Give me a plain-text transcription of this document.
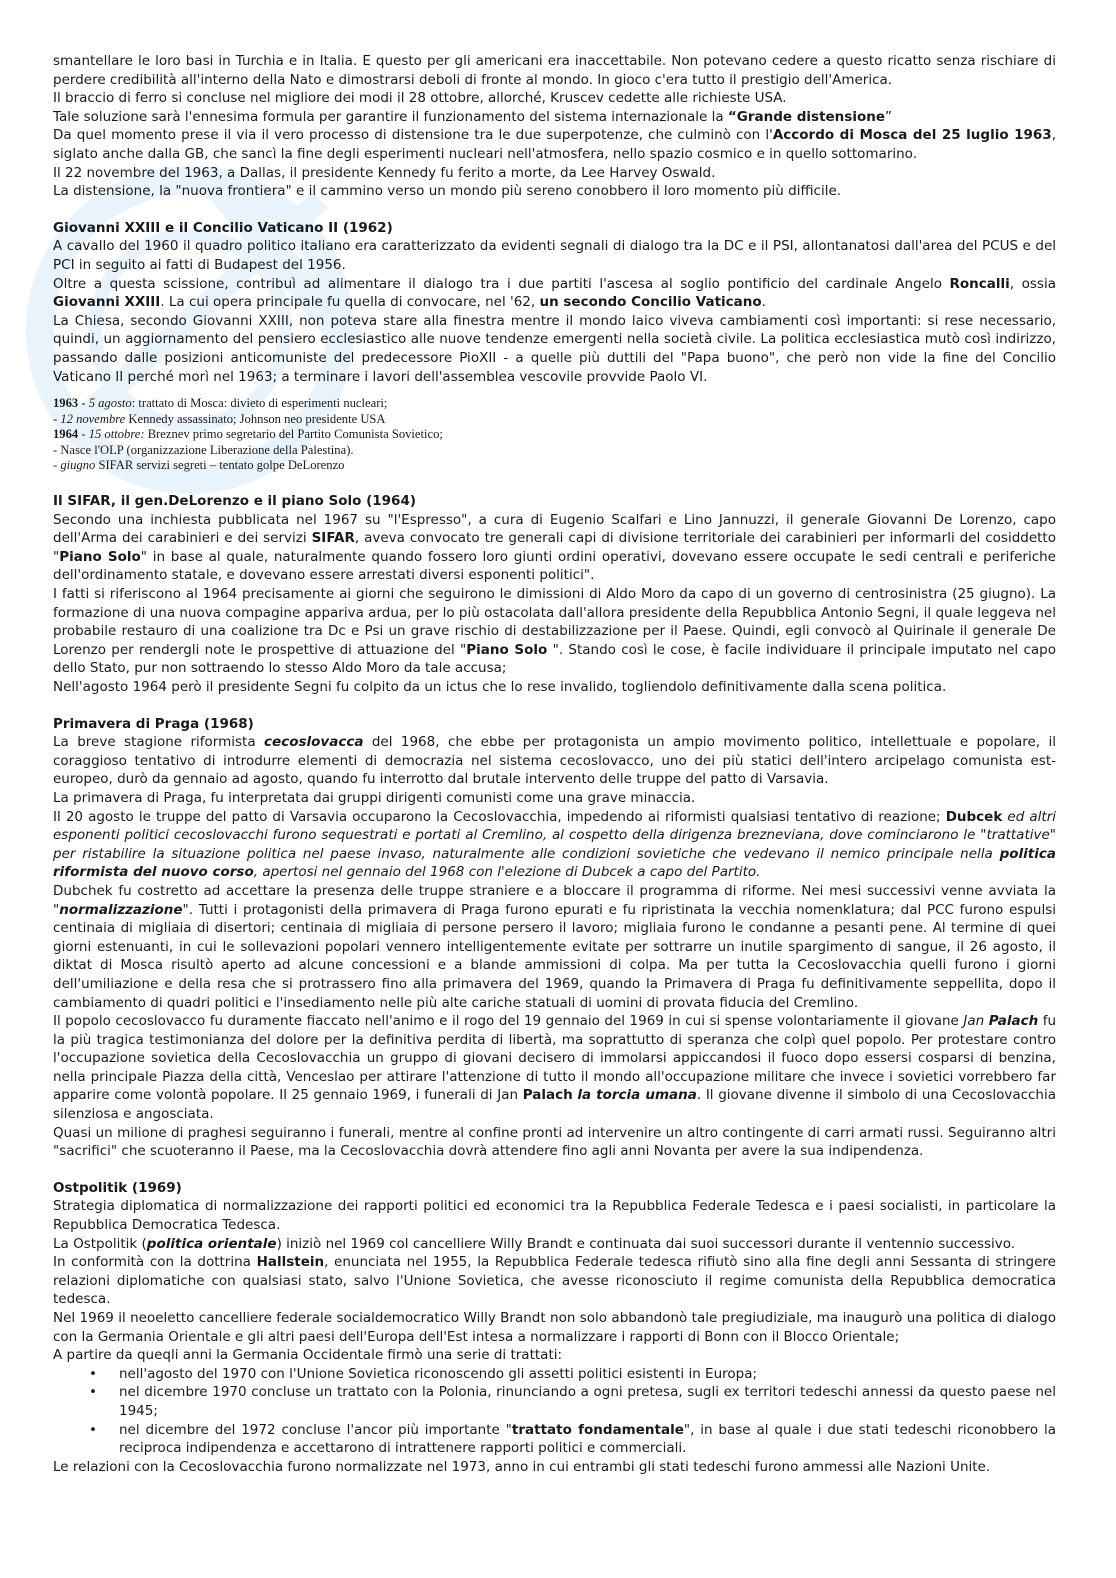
smantellare le loro basi in Turchia e in Italia. E questo per gli americani era inaccettabile. Non potevano cedere a questo ricatto senza rischiare di perdere credibilità all'interno della Nato e dimostrarsi deboli di fronte al mondo. In gioco c'era tutto il prestigio dell'America.

Il braccio di ferro si concluse nel migliore dei modi il 28 ottobre, allorché, Kruscev cedette alle richieste USA.

Tale soluzione sarà l'ennesima formula per garantire il funzionamento del sistema internazionale la “Grande distensione”

Da quel momento prese il via il vero processo di distensione tra le due superpotenze, che culminò con l'Accordo di Mosca del 25 luglio 1963, siglato anche dalla GB, che sancì la fine degli esperimenti nucleari nell'atmosfera, nello spazio cosmico e in quello sottomarino.

Il 22 novembre del 1963, a Dallas, il presidente Kennedy fu ferito a morte, da Lee Harvey Oswald.

La distensione, la "nuova frontiera" e il cammino verso un mondo più sereno conobbero il loro momento più difficile.

Giovanni XXIII e il Concilio Vaticano II (1962)

A cavallo del 1960 il quadro politico italiano era caratterizzato da evidenti segnali di dialogo tra la DC e il PSI, allontanatosi dall'area del PCUS e del PCI in seguito ai fatti di Budapest del 1956.

Oltre a questa scissione, contribuì ad alimentare il dialogo tra i due partiti l'ascesa al soglio pontificio del cardinale Angelo Roncalli, ossia Giovanni XXIII. La cui opera principale fu quella di convocare, nel '62, un secondo Concilio Vaticano.

La Chiesa, secondo Giovanni XXIII, non poteva stare alla finestra mentre il mondo laico viveva cambiamenti così importanti: si rese necessario, quindi, un aggiornamento del pensiero ecclesiastico alle nuove tendenze emergenti nella società civile. La politica ecclesiastica mutò così indirizzo, passando dalle posizioni anticomuniste del predecessore PioXII - a quelle più duttili del "Papa buono", che però non vide la fine del Concilio Vaticano II perché morì nel 1963; a terminare i lavori dell'assemblea vescovile provvide Paolo VI.

1963 - 5 agosto: trattato di Mosca: divieto di esperimenti nucleari;

- 12 novembre Kennedy assassinato; Johnson neo presidente USA

1964 - 15 ottobre: Breznev primo segretario del Partito Comunista Sovietico;

- Nasce l'OLP (organizzazione Liberazione della Palestina).

- giugno SIFAR servizi segreti – tentato golpe DeLorenzo

Il SIFAR, il gen.DeLorenzo e il piano Solo (1964)

Secondo una inchiesta pubblicata nel 1967 su "l'Espresso", a cura di Eugenio Scalfari e Lino Jannuzzi, il generale Giovanni De Lorenzo, capo dell'Arma dei carabinieri e dei servizi SIFAR, aveva convocato tre generali capi di divisione territoriale dei carabinieri per informarli del cosiddetto "Piano Solo" in base al quale, naturalmente quando fossero loro giunti ordini operativi, dovevano essere occupate le sedi centrali e periferiche dell'ordinamento statale, e dovevano essere arrestati diversi esponenti politici".

I fatti si riferiscono al 1964 precisamente ai giorni che seguirono le dimissioni di Aldo Moro da capo di un governo di centrosinistra (25 giugno). La formazione di una nuova compagine appariva ardua, per lo più ostacolata dall'allora presidente della Repubblica Antonio Segni, il quale leggeva nel probabile restauro di una coalizione tra Dc e Psi un grave rischio di destabilizzazione per il Paese. Quindi, egli convocò al Quirinale il generale De Lorenzo per rendergli note le prospettive di attuazione del "Piano Solo ". Stando così le cose, è facile individuare il principale imputato nel capo dello Stato, pur non sottraendo lo stesso Aldo Moro da tale accusa;

Nell'agosto 1964 però il presidente Segni fu colpito da un ictus che lo rese invalido, togliendolo definitivamente dalla scena politica.

Primavera di Praga (1968)

La breve stagione riformista cecoslovacca del 1968, che ebbe per protagonista un ampio movimento politico, intellettuale e popolare, il coraggioso tentativo di introdurre elementi di democrazia nel sistema cecoslovacco, uno dei più statici dell'intero arcipelago comunista est-europeo, durò da gennaio ad agosto, quando fu interrotto dal brutale intervento delle truppe del patto di Varsavia.

La primavera di Praga, fu interpretata dai gruppi dirigenti comunisti come una grave minaccia.

Il 20 agosto le truppe del patto di Varsavia occuparono la Cecoslovacchia, impedendo ai riformisti qualsiasi tentativo di reazione; Dubcek ed altri esponenti politici cecoslovacchi furono sequestrati e portati al Cremlino, al cospetto della dirigenza brezneviana, dove cominciarono le "trattative" per ristabilire la situazione politica nel paese invaso, naturalmente alle condizioni sovietiche che vedevano il nemico principale nella politica riformista del nuovo corso, apertosi nel gennaio del 1968 con l'elezione di Dubcek a capo del Partito.

Dubchek fu costretto ad accettare la presenza delle truppe straniere e a bloccare il programma di riforme. Nei mesi successivi venne avviata la "normalizzazione". Tutti i protagonisti della primavera di Praga furono epurati e fu ripristinata la vecchia nomenklatura; dal PCC furono espulsi centinaia di migliaia di disertori; centinaia di migliaia di persone persero il lavoro; migliaia furono le condanne a pesanti pene. Al termine di quei giorni estenuanti, in cui le sollevazioni popolari vennero intelligentemente evitate per sottrarre un inutile spargimento di sangue, il 26 agosto, il diktat di Mosca risultò aperto ad alcune concessioni e a blande ammissioni di colpa. Ma per tutta la Cecoslovacchia quelli furono i giorni dell'umiliazione e della resa che si protrassero fino alla primavera del 1969, quando la Primavera di Praga fu definitivamente seppellita, dopo il cambiamento di quadri politici e l'insediamento nelle più alte cariche statuali di uomini di provata fiducia del Cremlino.

Il popolo cecoslovacco fu duramente fiaccato nell'animo e il rogo del 19 gennaio del 1969 in cui si spense volontariamente il giovane Jan Palach fu la più tragica testimonianza del dolore per la definitiva perdita di libertà, ma soprattutto di speranza che colpì quel popolo. Per protestare contro l'occupazione sovietica della Cecoslovacchia un gruppo di giovani decisero di immolarsi appiccandosi il fuoco dopo essersi cosparsi di benzina, nella principale Piazza della città, Venceslao per attirare l'attenzione di tutto il mondo all'occupazione militare che invece i sovietici vorrebbero far apparire come volontà popolare. Il 25 gennaio 1969, i funerali di Jan Palach la torcia umana. Il giovane divenne il simbolo di una Cecoslovacchia silenziosa e angosciata.

Quasi un milione di praghesi seguiranno i funerali, mentre al confine pronti ad intervenire un altro contingente di carri armati russi. Seguiranno altri "sacrifici" che scuoteranno il Paese, ma la Cecoslovacchia dovrà attendere fino agli anni Novanta per avere la sua indipendenza.

Ostpolitik (1969)

Strategia diplomatica di normalizzazione dei rapporti politici ed economici tra la Repubblica Federale Tedesca e i paesi socialisti, in particolare la Repubblica Democratica Tedesca.

La Ostpolitik (politica orientale) iniziò nel 1969 col cancelliere Willy Brandt e continuata dai suoi successori durante il ventennio successivo.

In conformità con la dottrina Hallstein, enunciata nel 1955, la Repubblica Federale tedesca rifiutò sino alla fine degli anni Sessanta di stringere relazioni diplomatiche con qualsiasi stato, salvo l'Unione Sovietica, che avesse riconosciuto il regime comunista della Repubblica democratica tedesca.

Nel 1969 il neoeletto cancelliere federale socialdemocratico Willy Brandt non solo abbandonò tale pregiudiziale, ma inaugurò una politica di dialogo con la Germania Orientale e gli altri paesi dell'Europa dell'Est intesa a normalizzare i rapporti di Bonn con il Blocco Orientale;

A partire da queqli anni la Germania Occidentale firmò una serie di trattati:

• nell'agosto del 1970 con l'Unione Sovietica riconoscendo gli assetti politici esistenti in Europa;
• nel dicembre 1970 concluse un trattato con la Polonia, rinunciando a ogni pretesa, sugli ex territori tedeschi annessi da questo paese nel 1945;
• nel dicembre del 1972 concluse l'ancor più importante "trattato fondamentale", in base al quale i due stati tedeschi riconobbero la reciproca indipendenza e accettarono di intrattenere rapporti politici e commerciali.

Le relazioni con la Cecoslovacchia furono normalizzate nel 1973, anno in cui entrambi gli stati tedeschi furono ammessi alle Nazioni Unite.
